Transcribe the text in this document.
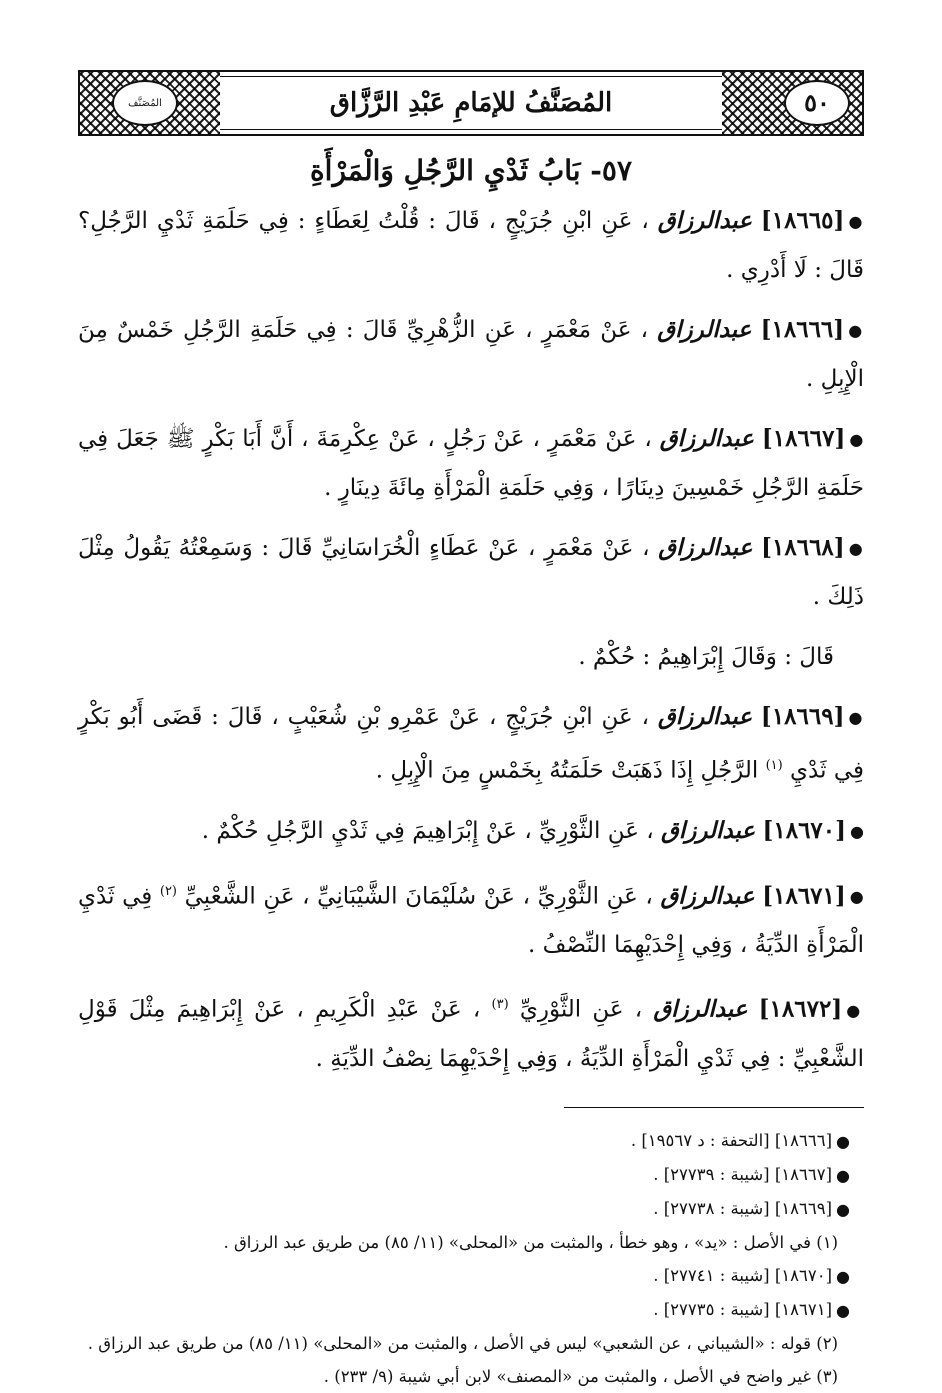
٥٠
المُصَنَّفُ للإمَامِ عَبْدِ الرَّزَّاق
المُصَنَّف
٥٧- بَابُ ثَدْيِ الرَّجُلِ وَالْمَرْأَةِ
●[١٨٦٦٥] عبدالرزاق ، عَنِ ابْنِ جُرَيْجٍ ، قَالَ : قُلْتُ لِعَطَاءٍ : فِي حَلَمَةِ ثَدْيِ الرَّجُلِ؟ قَالَ : لَا أَدْرِي .
●[١٨٦٦٦] عبدالرزاق ، عَنْ مَعْمَرٍ ، عَنِ الزُّهْرِيِّ قَالَ : فِي حَلَمَةِ الرَّجُلِ خَمْسٌ مِنَ الْإِبِلِ .
●[١٨٦٦٧] عبدالرزاق ، عَنْ مَعْمَرٍ ، عَنْ رَجُلٍ ، عَنْ عِكْرِمَةَ ، أَنَّ أَبَا بَكْرٍ ﷺ جَعَلَ فِي حَلَمَةِ الرَّجُلِ خَمْسِينَ دِينَارًا ، وَفِي حَلَمَةِ الْمَرْأَةِ مِائَةَ دِينَارٍ .
●[١٨٦٦٨] عبدالرزاق ، عَنْ مَعْمَرٍ ، عَنْ عَطَاءٍ الْخُرَاسَانِيِّ قَالَ : وَسَمِعْتُهُ يَقُولُ مِثْلَ ذَلِكَ .
قَالَ : وَقَالَ إِبْرَاهِيمُ : حُكْمٌ .
●[١٨٦٦٩] عبدالرزاق ، عَنِ ابْنِ جُرَيْجٍ ، عَنْ عَمْرِو بْنِ شُعَيْبٍ ، قَالَ : قَضَى أَبُو بَكْرٍ فِي ثَدْيِ $^{(١)}$ الرَّجُلِ إِذَا ذَهَبَتْ حَلَمَتُهُ بِخَمْسٍ مِنَ الْإِبِلِ .
●[١٨٦٧٠] عبدالرزاق ، عَنِ الثَّوْرِيِّ ، عَنْ إِبْرَاهِيمَ فِي ثَدْيِ الرَّجُلِ حُكْمٌ .
●[١٨٦٧١] عبدالرزاق ، عَنِ الثَّوْرِيِّ ، عَنْ سُلَيْمَانَ الشَّيْبَانِيِّ ، عَنِ الشَّعْبِيِّ $^{(٢)}$ فِي ثَدْيِ الْمَرْأَةِ الدِّيَةُ ، وَفِي إِحْدَيْهِمَا النِّصْفُ .
●[١٨٦٧٢] عبدالرزاق ، عَنِ الثَّوْرِيِّ $^{(٣)}$ ، عَنْ عَبْدِ الْكَرِيمِ ، عَنْ إِبْرَاهِيمَ مِثْلَ قَوْلِ الشَّعْبِيِّ : فِي ثَدْيِ الْمَرْأَةِ الدِّيَةُ ، وَفِي إِحْدَيْهِمَا نِصْفُ الدِّيَةِ .
●[١٨٦٦٦] [التحفة : د ١٩٥٦٧] .
●[١٨٦٦٧] [شيبة : ٢٧٧٣٩] .
●[١٨٦٦٩] [شيبة : ٢٧٧٣٨] .
(١) في الأصل : «يد» ، وهو خطأ ، والمثبت من «المحلى» (١١/ ٨٥) من طريق عبد الرزاق .
●[١٨٦٧٠] [شيبة : ٢٧٧٤١] .
●[١٨٦٧١] [شيبة : ٢٧٧٣٥] .
(٢) قوله : «الشيباني ، عن الشعبي» ليس في الأصل ، والمثبت من «المحلى» (١١/ ٨٥) من طريق عبد الرزاق .
(٣) غير واضح في الأصل ، والمثبت من «المصنف» لابن أبي شيبة (٩/ ٢٣٣) .
